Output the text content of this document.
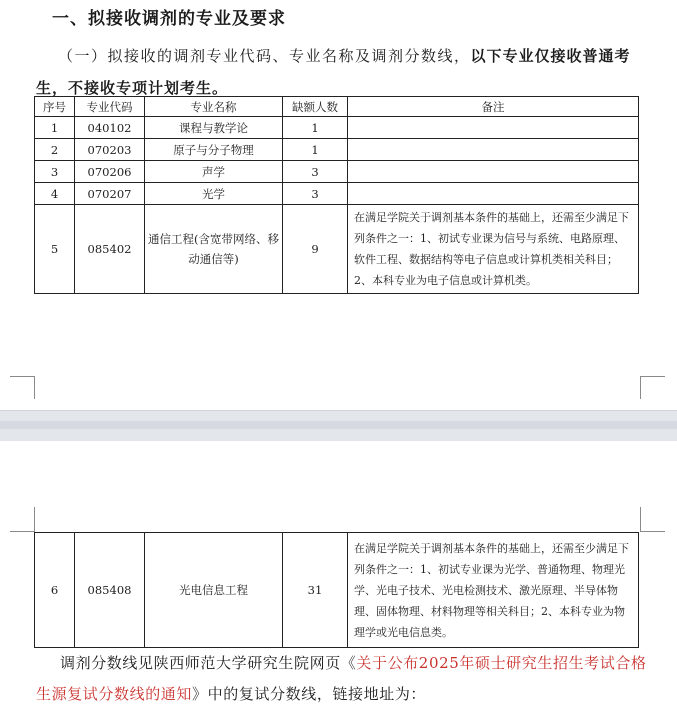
一、拟接收调剂的专业及要求
（一）拟接收的调剂专业代码、专业名称及调剂分数线，以下专业仅接收普通考生，不接收专项计划考生。
序号	专业代码	专业名称	缺额人数	备注
1	040102	课程与教学论	1	
2	070203	原子与分子物理	1	
3	070206	声学	3	
4	070207	光学	3	
5	085402	通信工程(含宽带网络、移动通信等)	9	在满足学院关于调剂基本条件的基础上，还需至少满足下列条件之一：1、初试专业课为信号与系统、电路原理、软件工程、数据结构等电子信息或计算机类相关科目；2、本科专业为电子信息或计算机类。
6	085408	光电信息工程	31	在满足学院关于调剂基本条件的基础上，还需至少满足下列条件之一：1、初试专业课为光学、普通物理、物理光学、光电子技术、光电检测技术、激光原理、半导体物理、固体物理、材料物理等相关科目；2、本科专业为物理学或光电信息类。
调剂分数线见陕西师范大学研究生院网页《关于公布2025年硕士研究生招生考试合格生源复试分数线的通知》中的复试分数线，链接地址为：
